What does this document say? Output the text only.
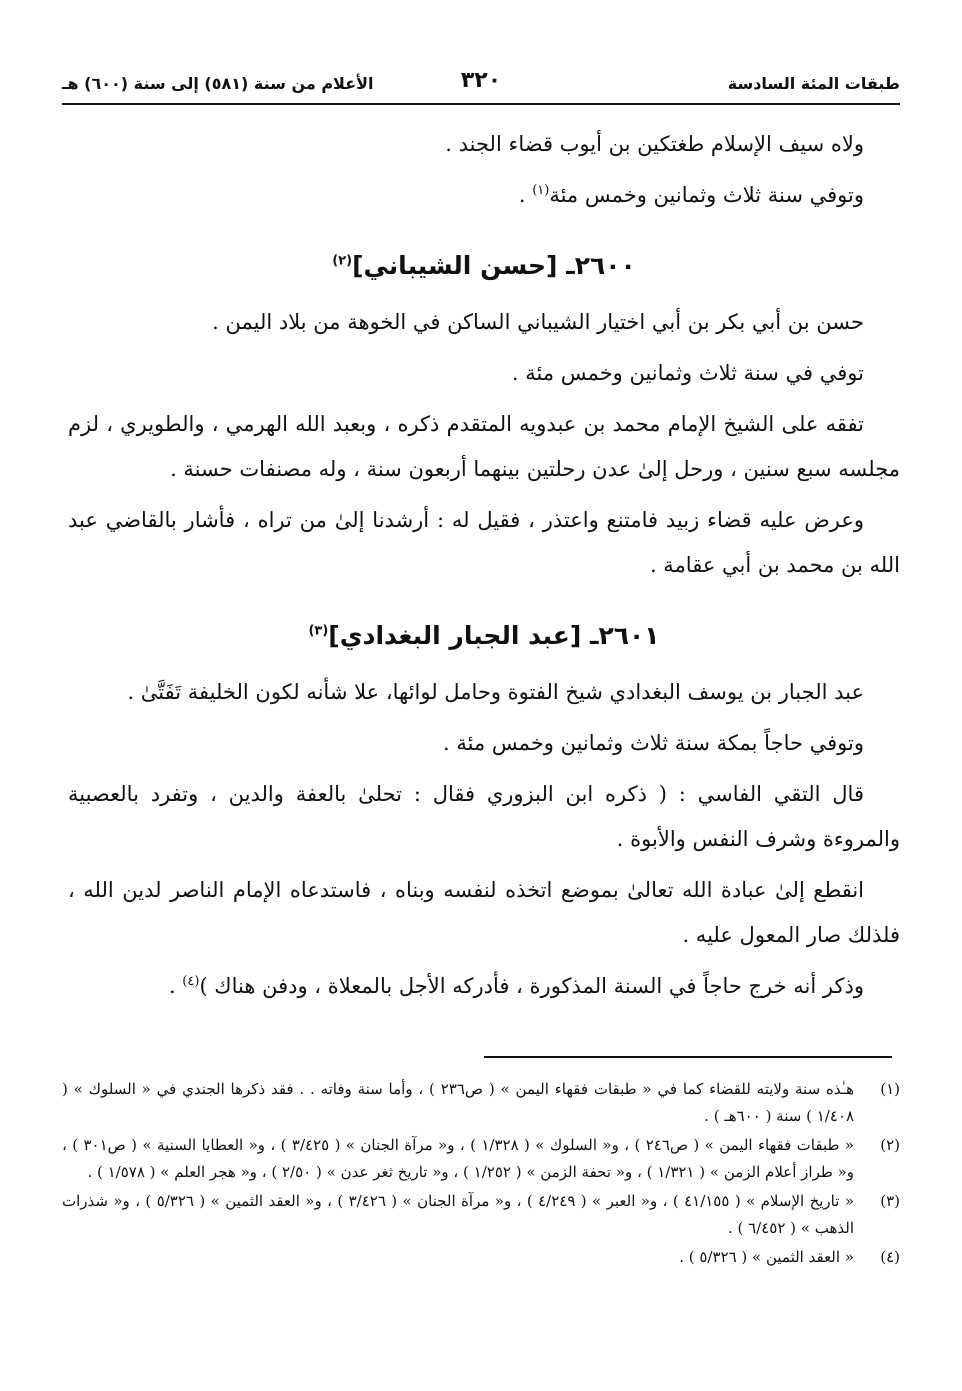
طبقات المئة السادسة
٣٢٠
الأعلام من سنة (٥٨١) إلى سنة (٦٠٠) هـ

ولاه سيف الإسلام طغتكين بن أيوب قضاء الجند .

وتوفي سنة ثلاث وثمانين وخمس مئة$^{(١)}$ .

٢٦٠٠ـ [حسن الشيباني]$^{(٢)}$

حسن بن أبي بكر بن أبي اختيار الشيباني الساكن في الخوهة من بلاد اليمن .

توفي في سنة ثلاث وثمانين وخمس مئة .

تفقه على الشيخ الإمام محمد بن عبدويه المتقدم ذكره ، وبعبد الله الهرمي ، والطويري ، لزم مجلسه سبع سنين ، ورحل إلىٰ عدن رحلتين بينهما أربعون سنة ، وله مصنفات حسنة .

وعرض عليه قضاء زبيد فامتنع واعتذر ، فقيل له : أرشدنا إلىٰ من تراه ، فأشار بالقاضي عبد الله بن محمد بن أبي عقامة .

٢٦٠١ـ [عبد الجبار البغدادي]$^{(٣)}$

عبد الجبار بن يوسف البغدادي شيخ الفتوة وحامل لوائها، علا شأنه لكون الخليفة تَفَتَّىٰ .

وتوفي حاجاً بمكة سنة ثلاث وثمانين وخمس مئة .

قال التقي الفاسي : ( ذكره ابن البزوري فقال : تحلىٰ بالعفة والدين ، وتفرد بالعصبية والمروءة وشرف النفس والأبوة .

انقطع إلىٰ عبادة الله تعالىٰ بموضع اتخذه لنفسه وبناه ، فاستدعاه الإمام الناصر لدين الله ، فلذلك صار المعول عليه .

وذكر أنه خرج حاجاً في السنة المذكورة ، فأدركه الأجل بالمعلاة ، ودفن هناك )$^{(٤)}$ .

(١)
هـٰذه سنة ولايته للقضاء كما في « طبقات فقهاء اليمن » ( ص٢٣٦ ) ، وأما سنة وفاته . . فقد ذكرها الجندي في « السلوك » ( ١/٤٠٨ ) سنة ( ٦٠٠هـ ) .
(٢)
« طبقات فقهاء اليمن » ( ص٢٤٦ ) ، و« السلوك » ( ١/٣٢٨ ) ، و« مرآة الجنان » ( ٣/٤٢٥ ) ، و« العطايا السنية » ( ص٣٠١ ) ، و« طراز أعلام الزمن » ( ١/٣٢١ ) ، و« تحفة الزمن » ( ١/٢٥٢ ) ، و« تاريخ ثغر عدن » ( ٢/٥٠ ) ، و« هجر العلم » ( ١/٥٧٨ ) .
(٣)
« تاريخ الإسلام » ( ٤١/١٥٥ ) ، و« العبر » ( ٤/٢٤٩ ) ، و« مرآة الجنان » ( ٣/٤٢٦ ) ، و« العقد الثمين » ( ٥/٣٢٦ ) ، و« شذرات الذهب » ( ٦/٤٥٢ ) .
(٤)
« العقد الثمين » ( ٥/٣٢٦ ) .
